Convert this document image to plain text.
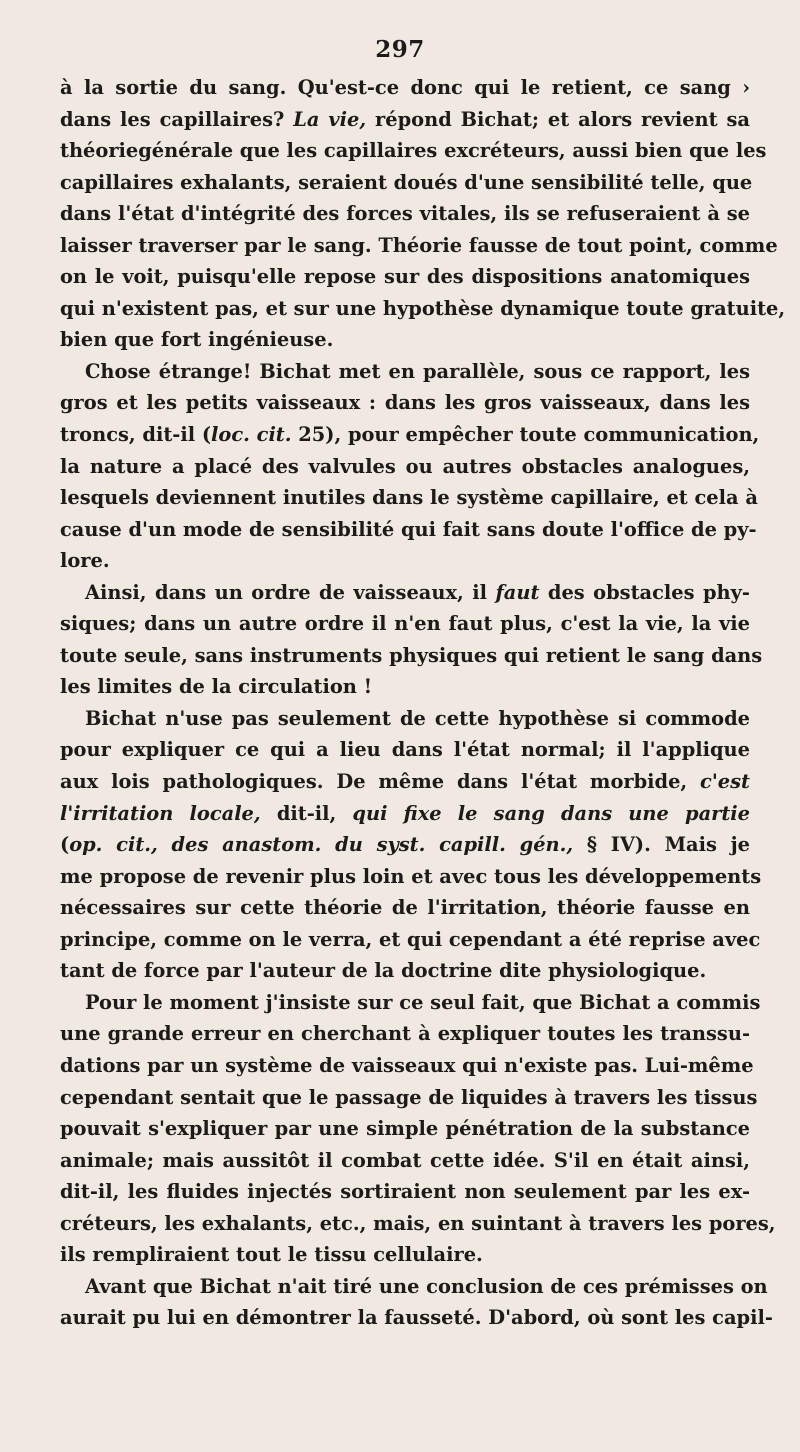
297
à la sortie du sang. Qu'est-ce donc qui le retient, ce sang ›
dans les capillaires? La vie, répond Bichat; et alors revient sa
théoriegénérale que les capillaires excréteurs, aussi bien que les
capillaires exhalants, seraient doués d'une sensibilité telle, que
dans l'état d'intégrité des forces vitales, ils se refuseraient à se
laisser traverser par le sang. Théorie fausse de tout point, comme
on le voit, puisqu'elle repose sur des dispositions anatomiques
qui n'existent pas, et sur une hypothèse dynamique toute gratuite,
bien que fort ingénieuse.
Chose étrange! Bichat met en parallèle, sous ce rapport, les
gros et les petits vaisseaux : dans les gros vaisseaux, dans les
troncs, dit-il (loc. cit. 25), pour empêcher toute communication,
la nature a placé des valvules ou autres obstacles analogues,
lesquels deviennent inutiles dans le système capillaire, et cela à
cause d'un mode de sensibilité qui fait sans doute l'office de py-
lore.
Ainsi, dans un ordre de vaisseaux, il faut des obstacles phy-
siques; dans un autre ordre il n'en faut plus, c'est la vie, la vie
toute seule, sans instruments physiques qui retient le sang dans
les limites de la circulation !
Bichat n'use pas seulement de cette hypothèse si commode
pour expliquer ce qui a lieu dans l'état normal; il l'applique
aux lois pathologiques. De même dans l'état morbide, c'est
l'irritation locale, dit-il, qui fixe le sang dans une partie
(op. cit., des anastom. du syst. capill. gén., § IV). Mais je
me propose de revenir plus loin et avec tous les développements
nécessaires sur cette théorie de l'irritation, théorie fausse en
principe, comme on le verra, et qui cependant a été reprise avec
tant de force par l'auteur de la doctrine dite physiologique.
Pour le moment j'insiste sur ce seul fait, que Bichat a commis
une grande erreur en cherchant à expliquer toutes les transsu-
dations par un système de vaisseaux qui n'existe pas. Lui-même
cependant sentait que le passage de liquides à travers les tissus
pouvait s'expliquer par une simple pénétration de la substance
animale; mais aussitôt il combat cette idée. S'il en était ainsi,
dit-il, les fluides injectés sortiraient non seulement par les ex-
créteurs, les exhalants, etc., mais, en suintant à travers les pores,
ils rempliraient tout le tissu cellulaire.
Avant que Bichat n'ait tiré une conclusion de ces prémisses on
aurait pu lui en démontrer la fausseté. D'abord, où sont les capil-
